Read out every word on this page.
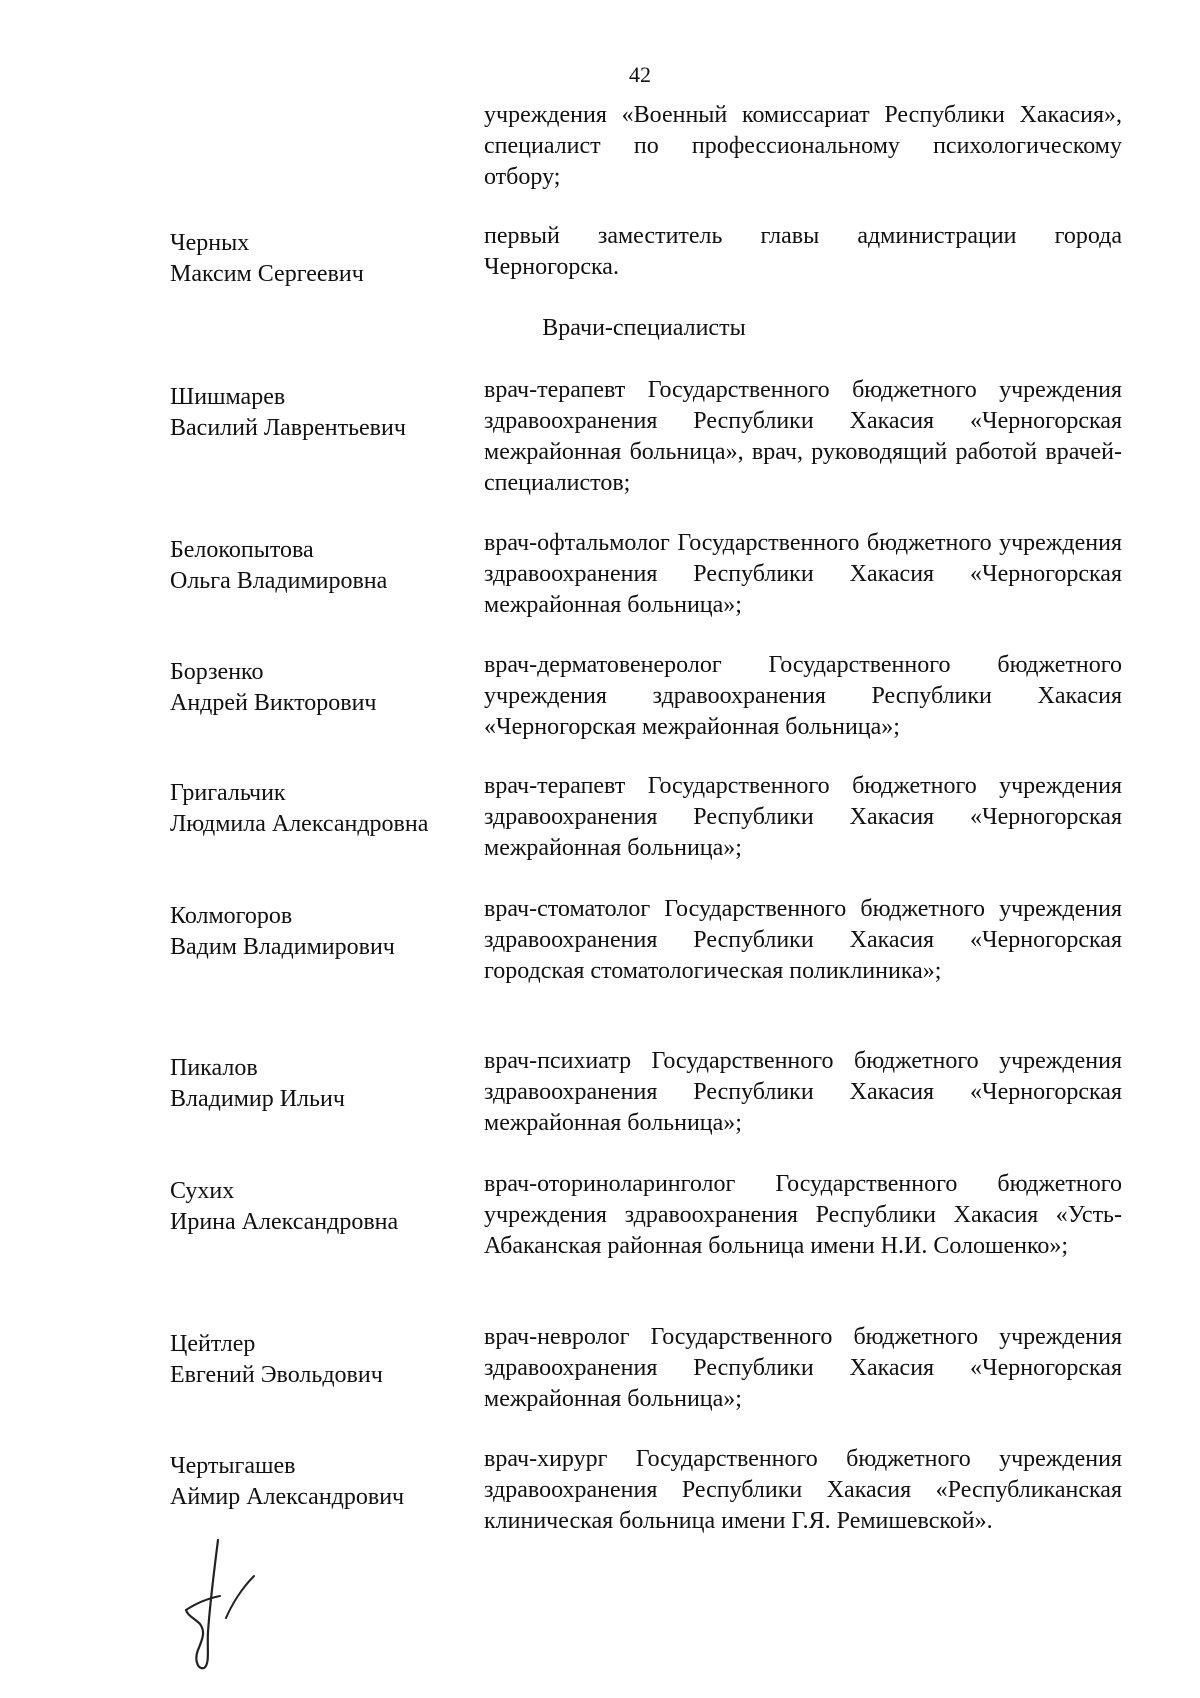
42
учреждения «Военный комиссариат Республики Хакасия», специалист по профессиональному психологическому отбору;
Черных
Максим Сергеевич
первый заместитель главы администрации города Черногорска.
Врачи-специалисты
Шишмарев
Василий Лаврентьевич
врач-терапевт Государственного бюджетного учреждения здравоохранения Республики Хакасия «Черногорская межрайонная больница», врач, руководящий работой врачей-специалистов;
Белокопытова
Ольга Владимировна
врач-офтальмолог Государственного бюджетного учреждения здравоохранения Республики Хакасия «Черногорская межрайонная больница»;
Борзенко
Андрей Викторович
врач-дерматовенеролог Государственного бюджетного учреждения здравоохранения Республики Хакасия «Черногорская межрайонная больница»;
Григальчик
Людмила Александровна
врач-терапевт Государственного бюджетного учреждения здравоохранения Республики Хакасия «Черногорская межрайонная больница»;
Колмогоров
Вадим Владимирович
врач-стоматолог Государственного бюджетного учреждения здравоохранения Республики Хакасия «Черногорская городская стоматологическая поликлиника»;
Пикалов
Владимир Ильич
врач-психиатр Государственного бюджетного учреждения здравоохранения Республики Хакасия «Черногорская межрайонная больница»;
Сухих
Ирина Александровна
врач-оториноларинголог Государственного бюджетного учреждения здравоохранения Республики Хакасия «Усть-Абаканская районная больница имени Н.И. Солошенко»;
Цейтлер
Евгений Эвольдович
врач-невролог Государственного бюджетного учреждения здравоохранения Республики Хакасия «Черногорская межрайонная больница»;
Чертыгашев
Аймир Александрович
врач-хирург Государственного бюджетного учреждения здравоохранения Республики Хакасия «Республиканская клиническая больница имени Г.Я. Ремишевской».
